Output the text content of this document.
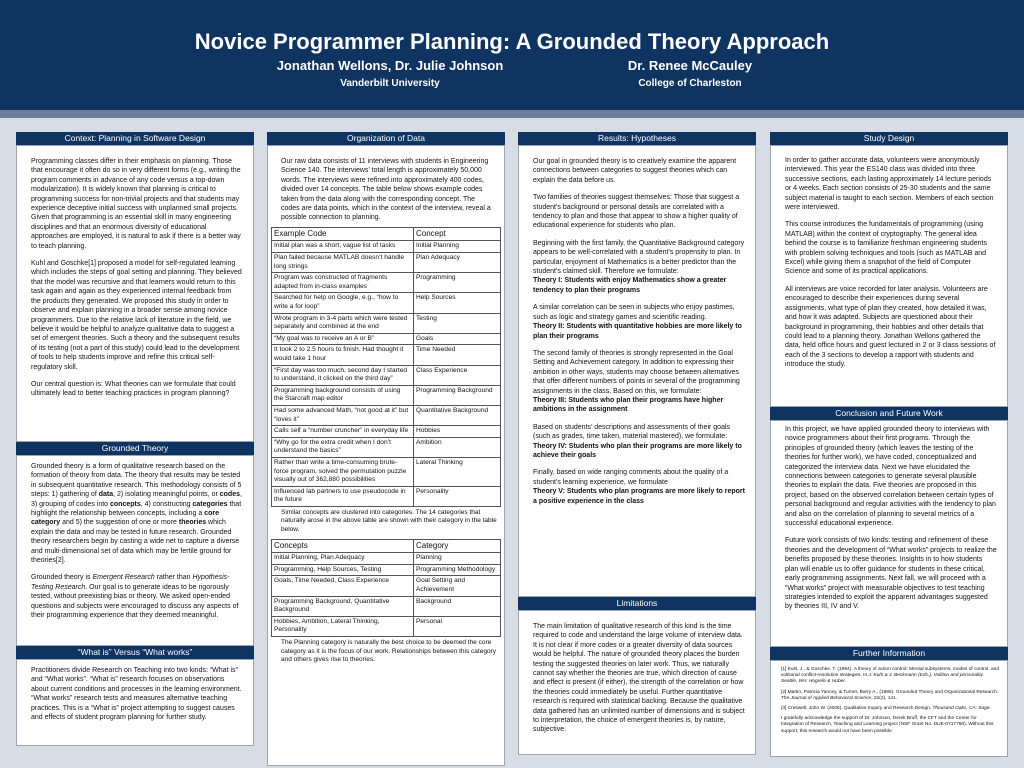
Novice Programmer Planning: A Grounded Theory Approach
Jonathan Wellons, Dr. Julie Johnson
Vanderbilt University
Dr. Renee McCauley
College of Charleston
Context: Planning in Software Design

Programming classes differ in their emphasis on planning. Those that encourage it often do so in very different forms (e.g., writing the program comments in advance of any code versus a top-down modularization). It is widely known that planning is critical to programming success for non-trivial projects and that students may experience deceptive initial success with unplanned small projects. Given that programming is an essential skill in many engineering disciplines and that an enormous diversity of educational approaches are employed, it is natural to ask if there is a better way to teach planning.

Kuhl and Goschke[1] proposed a model for self-regulated learning which includes the steps of goal setting and planning. They believed that the model was recursive and that learners would return to this task again and again as they experienced internal feedback from the products they generated. We proposed this study in order to observe and explain planning in a broader sense among novice programmers. Due to the relative lack of literature in the field, we believe it would be helpful to analyze qualitative data to suggest a set of emergent theories. Such a theory and the subsequent results of its testing (not a part of this study) could lead to the development of tools to help students improve and refine this critical self-regulatory skill.

Our central question is: What theories can we formulate that could ultimately lead to better teaching practices in program planning?

Grounded Theory

Grounded theory is a form of qualitative research based on the formation of theory from data. The theory that results may be tested in subsequent quantitative research. This methodology consists of 5 steps: 1) gathering of data, 2) isolating meaningful points, or codes, 3) grouping of codes into concepts, 4) constructing categories that highlight the relationship between concepts, including a core category and 5) the suggestion of one or more theories which explain the data and may be tested in future research. Grounded theory researchers begin by casting a wide net to capture a diverse and multi-dimensional set of data which may be fertile ground for theories[2].

Grounded theory is Emergent Research rather than Hypothesis-Testing Research. Our goal is to generate ideas to be rigorously tested, without preexisting bias or theory. We asked open-ended questions and subjects were encouraged to discuss any aspects of their programming experience that they deemed meaningful.

“What is” Versus “What works”

Practitioners divide Research on Teaching into two kinds: “What is” and “What works”. “What is” research focuses on observations about current conditions and processes in the learning environment. “What works” research tests and measures alternative teaching practices. This is a “What is” project attempting to suggest causes and effects of student program planning for further study.

Organization of Data

Our raw data consists of 11 interviews with students in Engineering Science 140. The interviews’ total length is approximately 50,000 words. The interviews were refined into approximately 400 codes, divided over 14 concepts. The table below shows example codes taken from the data along with the corresponding concept. The codes are data points, which in the context of the interview, reveal a possible connection to planning.

Example Code	Concept
Initial plan was a short, vague list of tasks	Initial Planning
Plan failed because MATLAB doesn’t handle long strings	Plan Adequacy
Program was constructed of fragments adapted from in-class examples	Programming
Searched for help on Google, e.g., “how to write a for loop”	Help Sources
Wrote program in 3-4 parts which were tested separately and combined at the end	Testing
“My goal was to receive an A or B”	Goals
It took 2 to 2.5 hours to finish. Had thought it would take 1 hour	Time Needed
“First day was too much, second day I started to understand, it clicked on the third day”	Class Experience
Programming background consists of using the Starcraft map editor	Programming Background
Had some advanced Math, “not good at it” but “loves it”	Quantitative Background
Calls self a “number cruncher” in everyday life	Hobbies
“Why go for the extra credit when I don’t understand the basics”	Ambition
Rather than write a time-consuming brute-force program, solved the permutation puzzle visually out of 362,880 possibilities	Lateral Thinking
Influenced lab partners to use pseudocode in the future	Personality
Similar concepts are clustered into categories. The 14 categories that naturally arose in the above table are shown with their category in the table below.
Concepts	Category
Initial Planning, Plan Adequacy	Planning
Programming, Help Sources, Testing	Programming Methodology
Goals, Time Needed, Class Experience	Goal Setting and Achievement
Programming Background, Quantitative Background	Background
Hobbies, Ambition, Lateral Thinking, Personality	Personal
The Planning category is naturally the best choice to be deemed the core category as it is the focus of our work. Relationships between this category and others gives rise to theories.
Results: Hypotheses

Our goal in grounded theory is to creatively examine the apparent connections between categories to suggest theories which can explain the data before us.

Two families of theories suggest themselves: Those that suggest a student’s background or personal details are correlated with a tendency to plan and those that appear to show a higher quality of educational experience for students who plan.

Beginning with the first family, the Quantitative Background category appears to be well-correlated with a student’s propensity to plan. In particular, enjoyment of Mathematics is a better predictor than the student’s claimed skill. Therefore we formulate:
Theory I: Students with enjoy Mathematics show a greater tendency to plan their programs

A similar correlation can be seen in subjects who enjoy pastimes, such as logic and strategy games and scientific reading.
Theory II: Students with quantitative hobbies are more likely to plan their programs

The second family of theories is strongly represented in the Goal Setting and Achievement category. In addition to expressing their ambition in other ways, students may choose between alternatives that offer different numbers of points in several of the programming assignments in the class. Based on this, we formulate:
Theory III: Students who plan their programs have higher ambitions in the assignment

Based on students’ descriptions and assessments of their goals (such as grades, time taken, material mastered), we formulate:
Theory IV: Students who plan their programs are more likely to achieve their goals

Finally, based on wide ranging comments about the quality of a student’s learning experience, we formulate
Theory V: Students who plan programs are more likely to report a positive experience in the class

Limitations

The main limitation of qualitative research of this kind is the time required to code and understand the large volume of interview data. It is not clear if more codes or a greater diversity of data sources would be helpful. The nature of grounded theory places the burden testing the suggested theories on later work. Thus, we naturally cannot say whether the theories are true, which direction of cause and effect is present (if either), the strength of the correlation or how the theories could immediately be useful. Further quantitative research is required with statistical backing. Because the qualitative data gathered has an unlimited number of dimensions and is subject to interpretation, the choice of emergent theories is, by nature, subjective.

Study Design

In order to gather accurate data, volunteers were anonymously interviewed. This year the ES140 class was divided into three successive sections, each lasting approximately 14 lecture periods or 4 weeks. Each section consists of 25-30 students and the same subject material is taught to each section. Members of each section were interviewed.

This course introduces the fundamentals of programming (using MATLAB) within the context of cryptography. The general idea behind the course is to familiarize freshman engineering students with problem solving techniques and tools (such as MATLAB and Excel) while giving them a snapshot of the field of Computer Science and some of its practical applications.

All interviews are voice recorded for later analysis. Volunteers are encouraged to describe their experiences during several assignments, what type of plan they created, how detailed it was, and how it was adapted. Subjects are questioned about their background in programming, their hobbies and other details that could lead to a planning theory. Jonathan Wellons gathered the data, held office hours and guest lectured in 2 or 3 class sessions of each of the 3 sections to develop a rapport with students and introduce the study.

Conclusion and Future Work

In this project, we have applied grounded theory to interviews with novice programmers about their first programs. Through the principles of grounded theory (which leaves the testing of the theories for further work), we have coded, conceptualized and categorized the interview data. Next we have elucidated the connections between categories to generate several plausible theories to explain the data. Five theories are proposed in this project, based on the observed correlation between certain types of personal background and regular activities with the tendency to plan and also on the correlation of planning to several metrics of a successful educational experience.

Future work consists of two kinds: testing and refinement of these theories and the development of “What works” projects to realize the benefits proposed by these theories. Insights in to how students plan will enable us to offer guidance for students in these critical, early programming assignments. Next fall, we will proceed with a “What works” project with measurable objectives to test teaching strategies intended to exploit the apparent advantages suggested by theories III, IV and V.

Further Information

[1] Kuhl, J., & Goschke, T. (1994). A theory of action control: Mental subsystems, modes of control, and volitional conflict-resolution strategies. In J. Kuhl & J. Beckmann (Eds.), Volition and personality. Seattle, WA: Hogrefe & Huber.

[2] Martin, Patricia Yancey, & Turner, Barry A., (1986). Grounded Theory and Organizational Research. The Journal of Applied Behavioral Science, 22(2), 141.

[3] Creswell, John W. (2006). Qualitative Inquiry and Research Design. Thousand Oaks, CA: Sage.

I gratefully acknowledge the support of Dr. Johnson, Derek Bruff, the CFT and the Center for Integration of Research, Teaching and Learning project (NSF Grant No. DUE-0717768). Without this support, this research would not have been possible.
